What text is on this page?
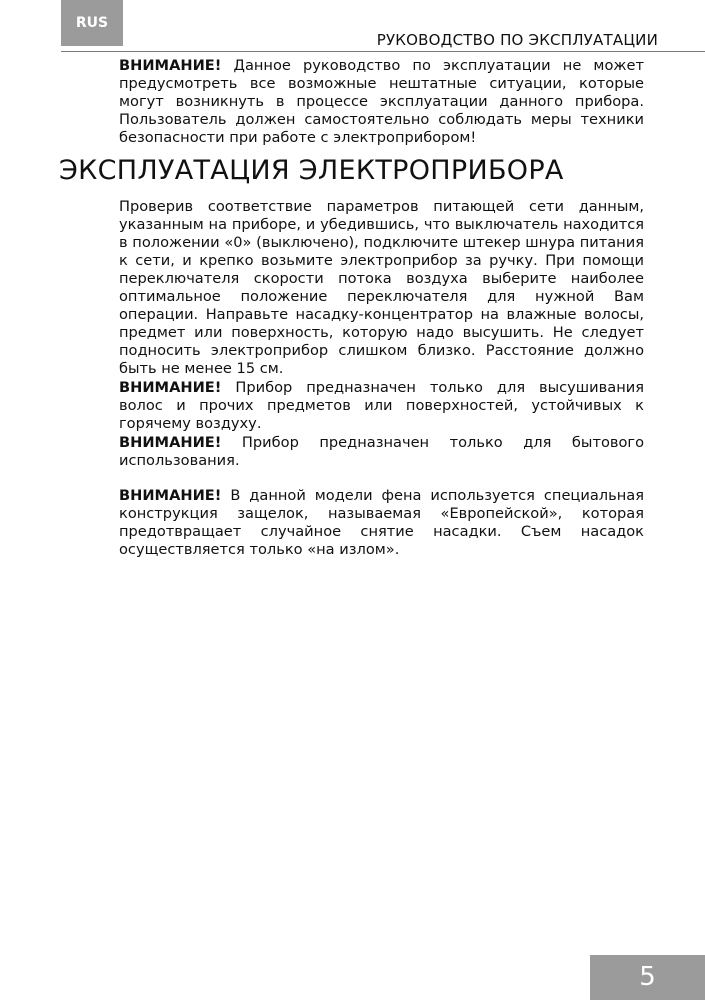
RUS
РУКОВОДСТВО ПО ЭКСПЛУАТАЦИИ

ВНИМАНИЕ! Данное руководство по эксплуатации не может предусмотреть все возможные нештатные ситуации, которые могут возникнуть в процессе эксплуатации данного прибора. Пользователь должен самостоятельно соблюдать меры техники безопасности при работе с электроприбором!

ЭКСПЛУАТАЦИЯ ЭЛЕКТРОПРИБОРА

Проверив соответствие параметров питающей сети данным, указанным на приборе, и убедившись, что выключатель находится в положении «0» (выключено), подключите штекер шнура питания к сети, и крепко возьмите электроприбор за ручку. При помощи переключателя скорости потока воздуха выберите наиболее оптимальное положение переключателя для нужной Вам операции. Направьте насадку-концентратор на влажные волосы, предмет или поверхность, которую надо высушить. Не следует подносить электроприбор слишком близко. Расстояние должно быть не менее 15 см.

ВНИМАНИЕ! Прибор предназначен только для высушивания волос и прочих предметов или поверхностей, устойчивых к горячему воздуху.

ВНИМАНИЕ! Прибор предназначен только для бытового использования.

ВНИМАНИЕ! В данной модели фена используется специальная конструкция защелок, называемая «Европейской», которая предотвращает случайное снятие насадки. Съем насадок осуществляется только «на излом».

5
